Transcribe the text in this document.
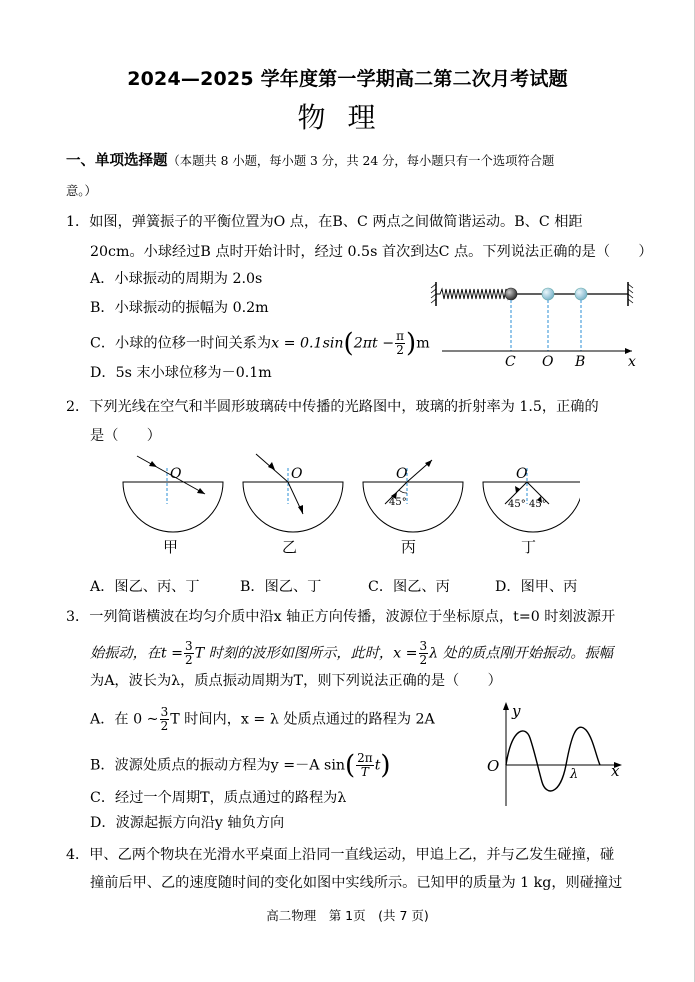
2024—2025 学年度第一学期高二第二次月考试题
物理
一、单项选择题（本题共 8 小题，每小题 3 分，共 24 分，每小题只有一个选项符合题
意。）
1．如图，弹簧振子的平衡位置为O 点，在B、C 两点之间做简谐运动。B、C 相距
20cm。小球经过B 点时开始计时，经过 0.5s 首次到达C 点。下列说法正确的是（　　）
A．小球振动的周期为 2.0s
B．小球振动的振幅为 0.2m
C．小球的位移一时间关系为$x = 0.1\sin(2\pi t - \frac{\pi}{2} )m$
D．5s 末小球位移为－0.1m
C O B	x
2．下列光线在空气和半圆形玻璃砖中传播的光路图中，玻璃的折射率为 1.5，正确的
是（　　）
O
甲
O
乙
O
45°
丙
O
45° 45°
丁
A．图乙、丙、丁	B．图乙、丁	C．图乙、丙	D．图甲、丙
3．一列简谐横波在均匀介质中沿x 轴正方向传播，波源位于坐标原点，t=0 时刻波源开
始振动，在$t = \frac{3}{2}$ T 时刻的波形如图所示，此时，$x = \frac{3}{2}$ λ 处的质点刚开始振动。振幅
为A，波长为λ，质点振动周期为T，则下列说法正确的是（　　）
A．在 0 ~ $\frac{3}{2}$ T 时间内，x = λ 处质点通过的路程为 2A
B．波源处质点的振动方程为y =－A $\sin( \frac{2\pi}{T} t)$
C．经过一个周期T，质点通过的路程为λ
D．波源起振方向沿y 轴负方向
y
O	λ x
4．甲、乙两个物块在光滑水平桌面上沿同一直线运动，甲追上乙，并与乙发生碰撞，碰
撞前后甲、乙的速度随时间的变化如图中实线所示。已知甲的质量为 1 kg，则碰撞过
高二物理　第 1页　(共 7 页)
